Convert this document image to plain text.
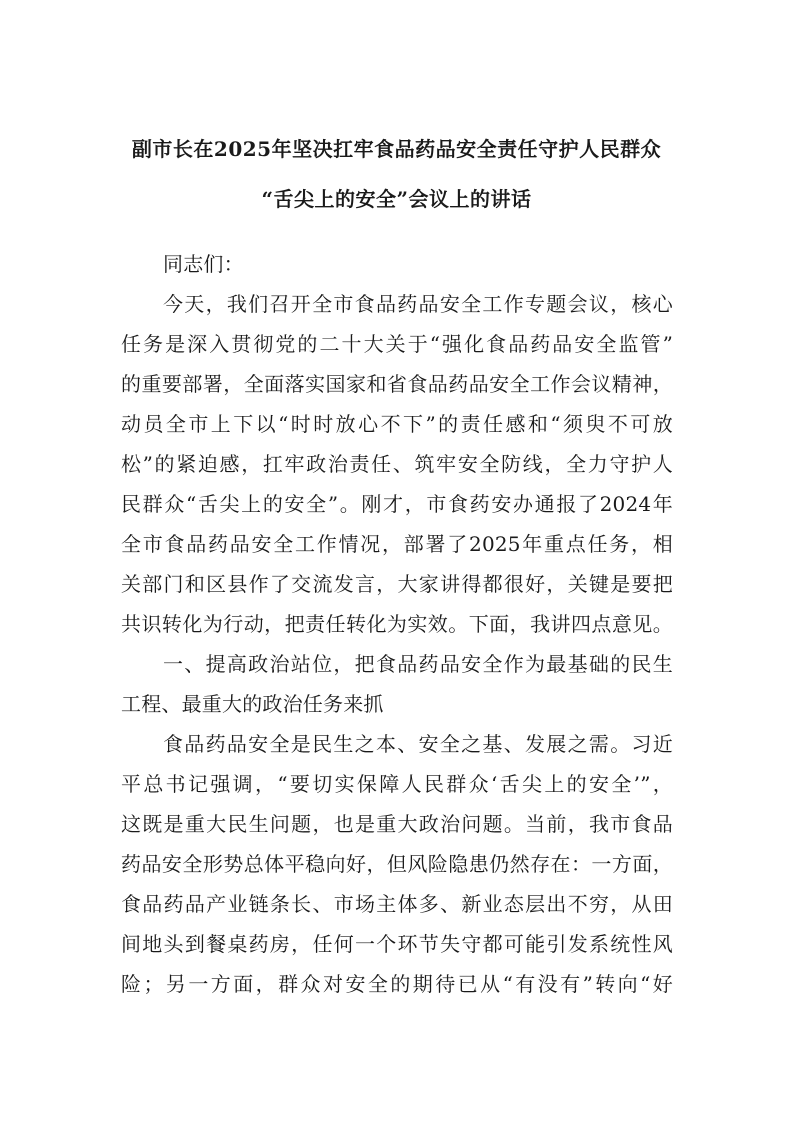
副市长在2025年坚决扛牢食品药品安全责任守护人民群众
“舌尖上的安全”会议上的讲话
同志们：
今天，我们召开全市食品药品安全工作专题会议，核心
任务是深入贯彻党的二十大关于“强化食品药品安全监管”
的重要部署，全面落实国家和省食品药品安全工作会议精神，
动员全市上下以“时时放心不下”的责任感和“须臾不可放
松”的紧迫感，扛牢政治责任、筑牢安全防线，全力守护人
民群众“舌尖上的安全”。刚才，市食药安办通报了2024年
全市食品药品安全工作情况，部署了2025年重点任务，相
关部门和区县作了交流发言，大家讲得都很好，关键是要把
共识转化为行动，把责任转化为实效。下面，我讲四点意见。
一、提高政治站位，把食品药品安全作为最基础的民生
工程、最重大的政治任务来抓
食品药品安全是民生之本、安全之基、发展之需。习近
平总书记强调，“要切实保障人民群众‘舌尖上的安全’”，
这既是重大民生问题，也是重大政治问题。当前，我市食品
药品安全形势总体平稳向好，但风险隐患仍然存在：一方面，
食品药品产业链条长、市场主体多、新业态层出不穷，从田
间地头到餐桌药房，任何一个环节失守都可能引发系统性风
险；另一方面，群众对安全的期待已从“有没有”转向“好
